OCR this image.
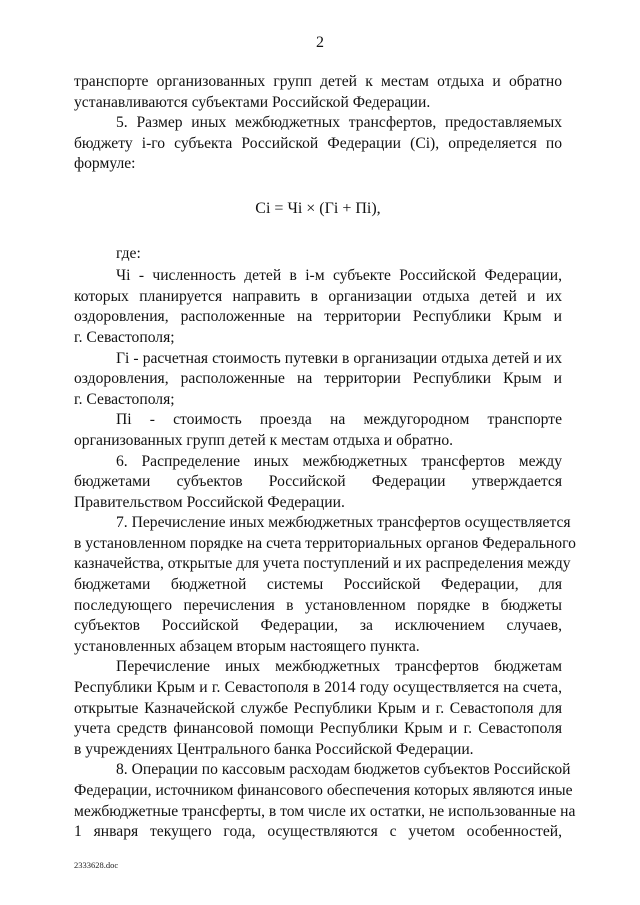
2
транспорте организованных групп детей к местам отдыха и обратно
устанавливаются субъектами Российской Федерации.
5. Размер иных межбюджетных трансфертов, предоставляемых
бюджету i-го субъекта Российской Федерации (Ci), определяется по
формуле:
Ci = Чi × (Гi + Пi),
где:
Чi - численность детей в i-м субъекте Российской Федерации,
которых планируется направить в организации отдыха детей и их
оздоровления, расположенные на территории Республики Крым и
г. Севастополя;
Гi - расчетная стоимость путевки в организации отдыха детей и их
оздоровления, расположенные на территории Республики Крым и
г. Севастополя;
Пi - стоимость проезда на междугородном транспорте
организованных групп детей к местам отдыха и обратно.
6. Распределение иных межбюджетных трансфертов между
бюджетами субъектов Российской Федерации утверждается
Правительством Российской Федерации.
7. Перечисление иных межбюджетных трансфертов осуществляется
в установленном порядке на счета территориальных органов Федерального
казначейства, открытые для учета поступлений и их распределения между
бюджетами бюджетной системы Российской Федерации, для
последующего перечисления в установленном порядке в бюджеты
субъектов Российской Федерации, за исключением случаев,
установленных абзацем вторым настоящего пункта.
Перечисление иных межбюджетных трансфертов бюджетам
Республики Крым и г. Севастополя в 2014 году осуществляется на счета,
открытые Казначейской службе Республики Крым и г. Севастополя для
учета средств финансовой помощи Республики Крым и г. Севастополя
в учреждениях Центрального банка Российской Федерации.
8. Операции по кассовым расходам бюджетов субъектов Российской
Федерации, источником финансового обеспечения которых являются иные
межбюджетные трансферты, в том числе их остатки, не использованные на
1 января текущего года, осуществляются с учетом особенностей,
2333628.doc
